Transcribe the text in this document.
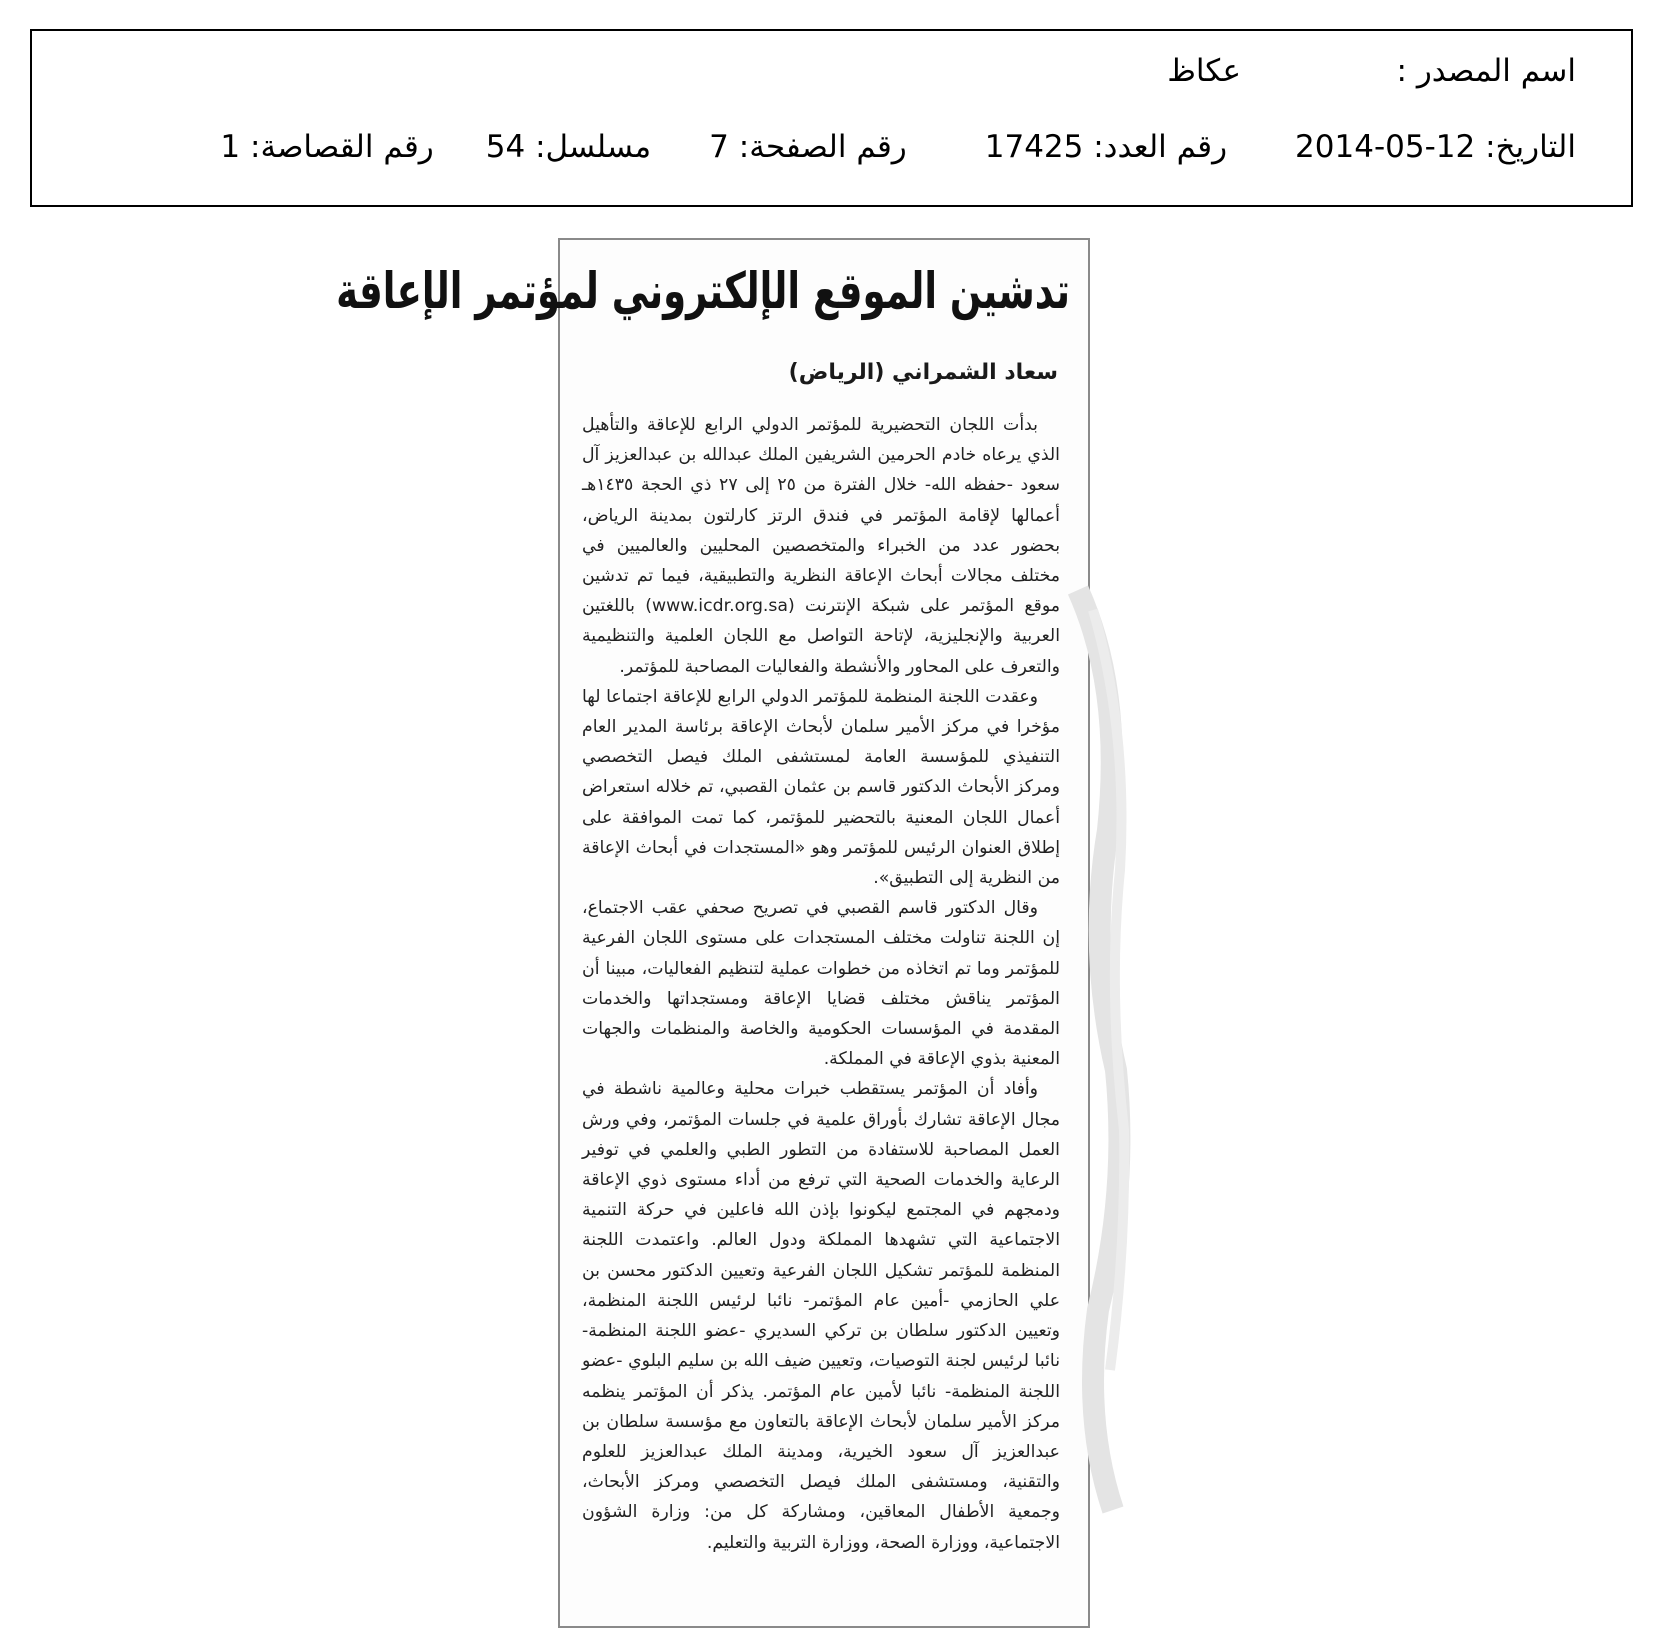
اسم المصدر :
عكاظ
التاريخ: 2014-05-12
رقم العدد: 17425
رقم الصفحة: 7
مسلسل: 54
رقم القصاصة: 1
تدشين الموقع الإلكتروني لمؤتمر الإعاقة
سعاد الشمراني (الرياض)

بدأت اللجان التحضيرية للمؤتمر الدولي الرابع للإعاقة والتأهيل الذي يرعاه خادم الحرمين الشريفين الملك عبدالله بن عبدالعزيز آل سعود -حفظه الله- خلال الفترة من ٢٥ إلى ٢٧ ذي الحجة ١٤٣٥هـ أعمالها لإقامة المؤتمر في فندق الرتز كارلتون بمدينة الرياض، بحضور عدد من الخبراء والمتخصصين المحليين والعالميين في مختلف مجالات أبحاث الإعاقة النظرية والتطبيقية، فيما تم تدشين موقع المؤتمر على شبكة الإنترنت (www.icdr.org.sa) باللغتين العربية والإنجليزية، لإتاحة التواصل مع اللجان العلمية والتنظيمية والتعرف على المحاور والأنشطة والفعاليات المصاحبة للمؤتمر.

وعقدت اللجنة المنظمة للمؤتمر الدولي الرابع للإعاقة اجتماعا لها مؤخرا في مركز الأمير سلمان لأبحاث الإعاقة برئاسة المدير العام التنفيذي للمؤسسة العامة لمستشفى الملك فيصل التخصصي ومركز الأبحاث الدكتور قاسم بن عثمان القصبي، تم خلاله استعراض أعمال اللجان المعنية بالتحضير للمؤتمر، كما تمت الموافقة على إطلاق العنوان الرئيس للمؤتمر وهو «المستجدات في أبحاث الإعاقة من النظرية إلى التطبيق».

وقال الدكتور قاسم القصبي في تصريح صحفي عقب الاجتماع، إن اللجنة تناولت مختلف المستجدات على مستوى اللجان الفرعية للمؤتمر وما تم اتخاذه من خطوات عملية لتنظيم الفعاليات، مبينا أن المؤتمر يناقش مختلف قضايا الإعاقة ومستجداتها والخدمات المقدمة في المؤسسات الحكومية والخاصة والمنظمات والجهات المعنية بذوي الإعاقة في المملكة.

وأفاد أن المؤتمر يستقطب خبرات محلية وعالمية ناشطة في مجال الإعاقة تشارك بأوراق علمية في جلسات المؤتمر، وفي ورش العمل المصاحبة للاستفادة من التطور الطبي والعلمي في توفير الرعاية والخدمات الصحية التي ترفع من أداء مستوى ذوي الإعاقة ودمجهم في المجتمع ليكونوا بإذن الله فاعلين في حركة التنمية الاجتماعية التي تشهدها المملكة ودول العالم. واعتمدت اللجنة المنظمة للمؤتمر تشكيل اللجان الفرعية وتعيين الدكتور محسن بن علي الحازمي -أمين عام المؤتمر- نائبا لرئيس اللجنة المنظمة، وتعيين الدكتور سلطان بن تركي السديري -عضو اللجنة المنظمة- نائبا لرئيس لجنة التوصيات، وتعيين ضيف الله بن سليم البلوي -عضو اللجنة المنظمة- نائبا لأمين عام المؤتمر. يذكر أن المؤتمر ينظمه مركز الأمير سلمان لأبحاث الإعاقة بالتعاون مع مؤسسة سلطان بن عبدالعزيز آل سعود الخيرية، ومدينة الملك عبدالعزيز للعلوم والتقنية، ومستشفى الملك فيصل التخصصي ومركز الأبحاث، وجمعية الأطفال المعاقين، ومشاركة كل من: وزارة الشؤون الاجتماعية، ووزارة الصحة، ووزارة التربية والتعليم.
